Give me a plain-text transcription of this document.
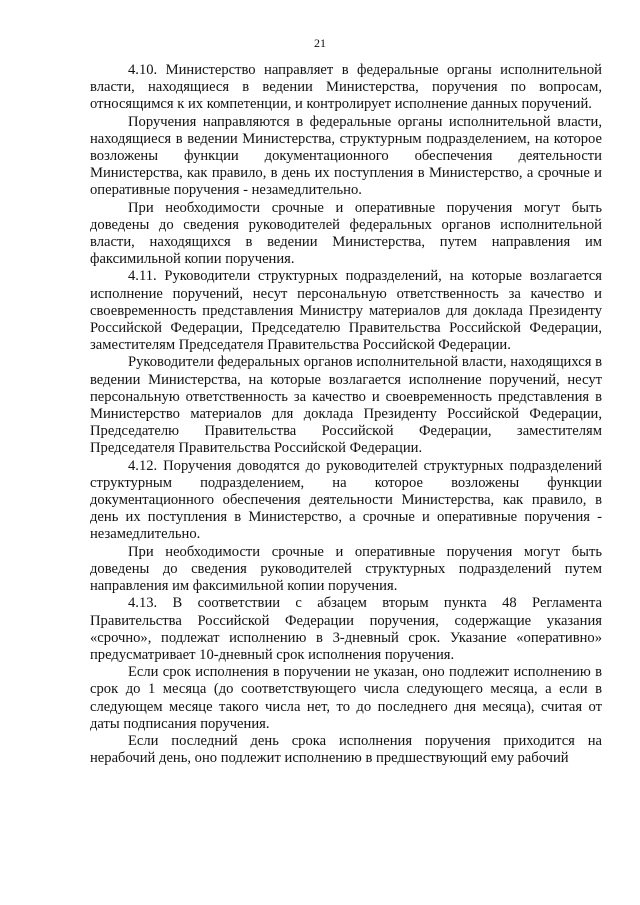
21

4.10. Министерство направляет в федеральные органы исполнительной власти, находящиеся в ведении Министерства, поручения по вопросам, относящимся к их компетенции, и контролирует исполнение данных поручений.

Поручения направляются в федеральные органы исполнительной власти, находящиеся в ведении Министерства, структурным подразделением, на которое возложены функции документационного обеспечения деятельности Министерства, как правило, в день их поступления в Министерство, а срочные и оперативные поручения - незамедлительно.

При необходимости срочные и оперативные поручения могут быть доведены до сведения руководителей федеральных органов исполнительной власти, находящихся в ведении Министерства, путем направления им факсимильной копии поручения.

4.11. Руководители структурных подразделений, на которые возлагается исполнение поручений, несут персональную ответственность за качество и своевременность представления Министру материалов для доклада Президенту Российской Федерации, Председателю Правительства Российской Федерации, заместителям Председателя Правительства Российской Федерации.

Руководители федеральных органов исполнительной власти, находящихся в ведении Министерства, на которые возлагается исполнение поручений, несут персональную ответственность за качество и своевременность представления в Министерство материалов для доклада Президенту Российской Федерации, Председателю Правительства Российской Федерации, заместителям Председателя Правительства Российской Федерации.

4.12. Поручения доводятся до руководителей структурных подразделений структурным подразделением, на которое возложены функции документационного обеспечения деятельности Министерства, как правило, в день их поступления в Министерство, а срочные и оперативные поручения - незамедлительно.

При необходимости срочные и оперативные поручения могут быть доведены до сведения руководителей структурных подразделений путем направления им факсимильной копии поручения.

4.13. В соответствии с абзацем вторым пункта 48 Регламента Правительства Российской Федерации поручения, содержащие указания «срочно», подлежат исполнению в 3-дневный срок. Указание «оперативно» предусматривает 10-дневный срок исполнения поручения.

Если срок исполнения в поручении не указан, оно подлежит исполнению в срок до 1 месяца (до соответствующего числа следующего месяца, а если в следующем месяце такого числа нет, то до последнего дня месяца), считая от даты подписания поручения.

Если последний день срока исполнения поручения приходится на нерабочий день, оно подлежит исполнению в предшествующий ему рабочий
